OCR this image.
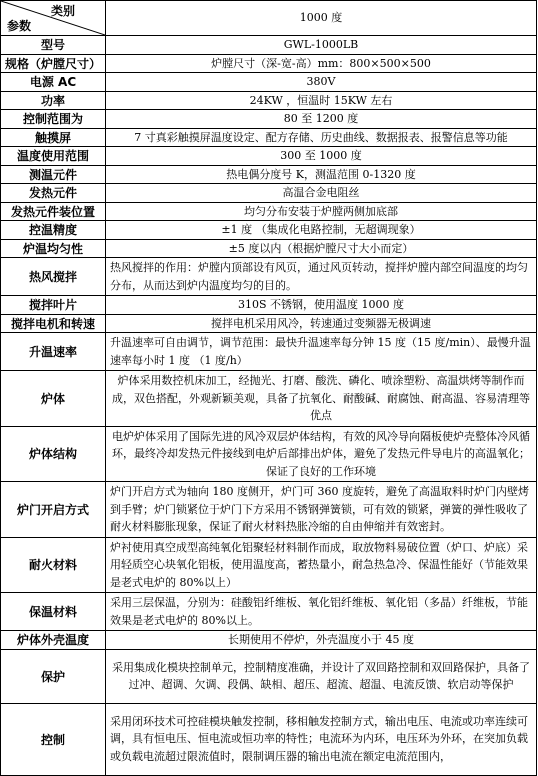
类别
参数	1000 度
型号	GWL-1000LB
规格（炉膛尺寸）	炉膛尺寸（深-宽-高）mm：800×500×500
电源 AC	380V
功率	24KW ，恒温时 15KW 左右
控制范围为	80 至 1200 度
触摸屏	7 寸真彩触摸屏温度设定、配方存储、历史曲线、数据报表、报警信息等功能
温度使用范围	300 至 1000 度
测温元件	热电偶分度号 K，测温范围 0-1320 度
发热元件	高温合金电阻丝
发热元件装位置	均匀分布安装于炉膛两侧加底部
控温精度	±1 度 （集成化电路控制，无超调现象）
炉温均匀性	±5 度以内（根据炉膛尺寸大小而定）
热风搅拌	热风搅拌的作用：炉膛内顶部设有风页，通过风页转动，搅拌炉膛内部空间温度的均匀分布，从而达到炉内温度均匀的目的。
搅拌叶片	310S 不锈钢，使用温度 1000 度
搅拌电机和转速	搅拌电机采用风冷，转速通过变频器无极调速
升温速率	升温速率可自由调节，调节范围：最快升温速率每分钟 15 度（15 度/min）、最慢升温速率每小时 1 度 （1 度/h）
炉体	炉体采用数控机床加工，经抛光、打磨、酸洗、磷化、喷涂塑粉、高温烘烤等制作而成，双色搭配，外观新颖美观，具备了抗氧化、耐酸碱、耐腐蚀、耐高温、容易清理等优点
炉体结构	电炉炉体采用了国际先进的风冷双层炉体结构，有效的风冷导向隔板使炉壳整体冷风循环，最终冷却发热元件接线到电炉后部排出炉体，避免了发热元件导电片的高温氧化；保证了良好的工作环境
炉门开启方式	炉门开启方式为轴向 180 度侧开，炉门可 360 度旋转，避免了高温取料时炉门内壁烤到手臂；炉门锁紧位于炉门下方采用不锈钢弹簧锁，可有效的锁紧，弹簧的弹性吸收了耐火材料膨胀现象，保证了耐火材料热胀冷缩的自由伸缩并有效密封。
耐火材料	炉衬使用真空成型高纯氧化铝聚轻材料制作而成，取放物料易破位置（炉口、炉底）采用轻质空心块氧化铝板，使用温度高，蓄热量小，耐急热急冷、保温性能好（节能效果是老式电炉的 80%以上）
保温材料	采用三层保温，分别为：硅酸铝纤维板、氧化铝纤维板、氧化铝（多晶）纤维板，节能效果是老式电炉的 80%以上。
炉体外壳温度	长期使用不停炉，外壳温度小于 45 度
保护	采用集成化模块控制单元，控制精度准确，并设计了双回路控制和双回路保护，具备了过冲、超调、欠调、段偶、缺相、超压、超流、超温、电流反馈、软启动等保护
控制	采用闭环技术可控硅模块触发控制，移相触发控制方式，输出电压、电流或功率连续可调，具有恒电压、恒电流或恒功率的特性；电流环为内环，电压环为外环，在突加负载或负载电流超过限流值时，限制调压器的输出电流在额定电流范围内，
